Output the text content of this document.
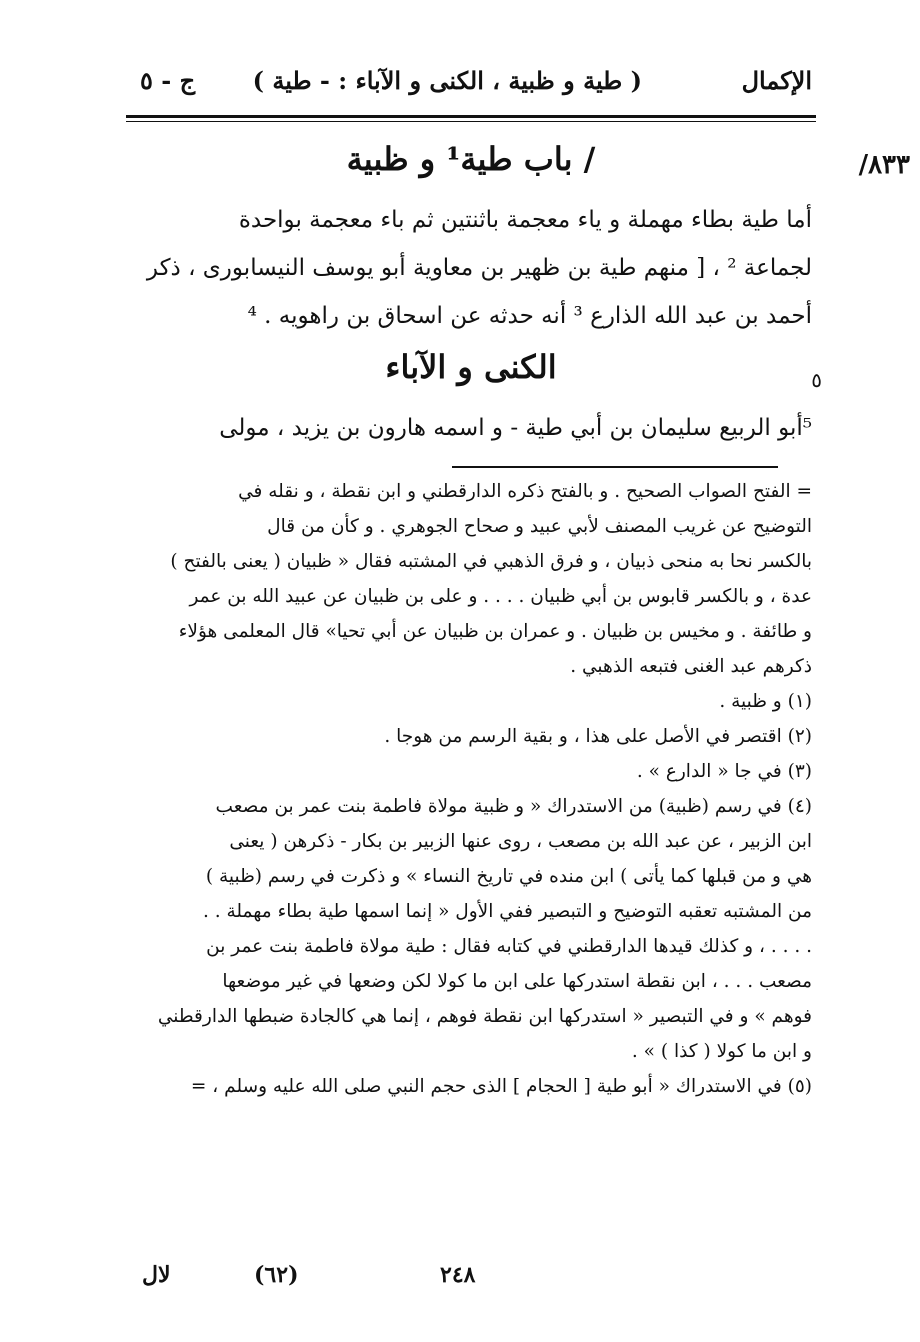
الإكمال
( طية و ظبية ، الكنى و الآباء : - طية )
ج - ٥
/٨٣٣
٥
/ باب طية¹ و ظبية

أما طية بطاء مهملة و ياء معجمة باثنتين ثم باء معجمة بواحدة

لجماعة ² ، [ منهم طية بن ظهير بن معاوية أبو يوسف النيسابورى ، ذكر

أحمد بن عبد الله الذارع ³ أنه حدثه عن اسحاق بن راهويه . ⁴

الكنى و الآباء
⁵أبو الربيع سليمان بن أبي طية - و اسمه هارون بن يزيد ، مولى

= الفتح الصواب الصحيح . و بالفتح ذكره الدارقطني و ابن نقطة ، و نقله في

التوضيح عن غريب المصنف لأبي عبيد و صحاح الجوهري . و كأن من قال

بالكسر نحا به منحى ذبيان ، و فرق الذهبي في المشتبه فقال « ظبيان ( يعنى بالفتح )

عدة ، و بالكسر قابوس بن أبي ظبيان . . . . و على بن ظبيان عن عبيد الله بن عمر

و طائفة . و مخيس بن ظبيان . و عمران بن ظبيان عن أبي تحيا» قال المعلمى هؤلاء

ذكرهم عبد الغنى فتبعه الذهبي .

(١) و ظبية .

(٢) اقتصر في الأصل على هذا ، و بقية الرسم من هوجا .

(٣) في جا « الدارع » .

(٤) في رسم (ظبية) من الاستدراك « و ظبية مولاة فاطمة بنت عمر بن مصعب

ابن الزبير ، عن عبد الله بن مصعب ، روى عنها الزبير بن بكار - ذكرهن ( يعنى

هي و من قبلها كما يأتى ) ابن منده في تاريخ النساء » و ذكرت في رسم (ظبية )

من المشتبه تعقبه التوضيح و التبصير ففي الأول « إنما اسمها طية بطاء مهملة . .

. . . . ، و كذلك قيدها الدارقطني في كتابه فقال : طية مولاة فاطمة بنت عمر بن

مصعب . . . ، ابن نقطة استدركها على ابن ما كولا لكن وضعها في غير موضعها

فوهم » و في التبصير « استدركها ابن نقطة فوهم ، إنما هي كالجادة ضبطها الدارقطني

و ابن ما كولا ( كذا ) » .

(٥) في الاستدراك « أبو طية [ الحجام ] الذى حجم النبي صلى الله عليه وسلم ، =

لال	(٦٢)	٢٤٨
